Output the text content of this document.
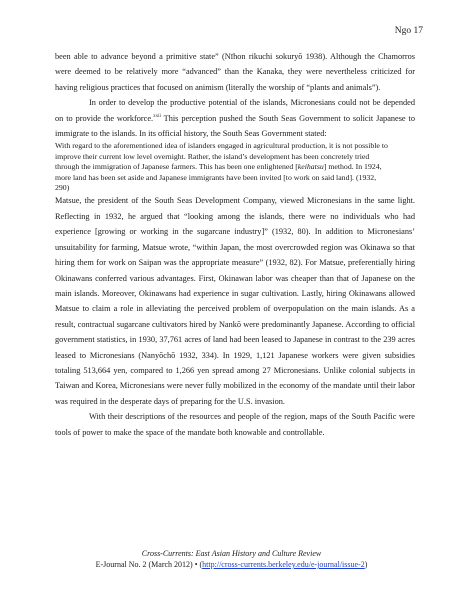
Ngo 17

been able to advance beyond a primitive state” (Nīhon rikuchi sokuryō 1938). Although the Chamorros were deemed to be relatively more “advanced” than the Kanaka, they were nevertheless criticized for having religious practices that focused on animism (literally the worship of “plants and animals”).

In order to develop the productive potential of the islands, Micronesians could not be depended on to provide the workforce.$^{xxii}$ This perception pushed the South Seas Government to solicit Japanese to immigrate to the islands. In its official history, the South Seas Government stated:

With regard to the aforementioned idea of islanders engaged in agricultural production, it is not possible to improve their current low level overnight. Rather, the island’s development has been concretely tried through the immigration of Japanese farmers. This has been one enlightened [keihatsu] method. In 1924, more land has been set aside and Japanese immigrants have been invited [to work on said land]. (1932, 290)

Matsue, the president of the South Seas Development Company, viewed Micronesians in the same light. Reflecting in 1932, he argued that “looking among the islands, there were no individuals who had experience [growing or working in the sugarcane industry]” (1932, 80). In addition to Micronesians’ unsuitability for farming, Matsue wrote, “within Japan, the most overcrowded region was Okinawa so that hiring them for work on Saipan was the appropriate measure” (1932, 82). For Matsue, preferentially hiring Okinawans conferred various advantages. First, Okinawan labor was cheaper than that of Japanese on the main islands. Moreover, Okinawans had experience in sugar cultivation. Lastly, hiring Okinawans allowed Matsue to claim a role in alleviating the perceived problem of overpopulation on the main islands. As a result, contractual sugarcane cultivators hired by Nankō were predominantly Japanese. According to official government statistics, in 1930, 37,761 acres of land had been leased to Japanese in contrast to the 239 acres leased to Micronesians (Nanyōchō 1932, 334). In 1929, 1,121 Japanese workers were given subsidies totaling 513,664 yen, compared to 1,266 yen spread among 27 Micronesians. Unlike colonial subjects in Taiwan and Korea, Micronesians were never fully mobilized in the economy of the mandate until their labor was required in the desperate days of preparing for the U.S. invasion.

With their descriptions of the resources and people of the region, maps of the South Pacific were tools of power to make the space of the mandate both knowable and controllable.

Cross-Currents: East Asian History and Culture Review
E-Journal No. 2 (March 2012) • (http://cross-currents.berkeley.edu/e-journal/issue-2)
